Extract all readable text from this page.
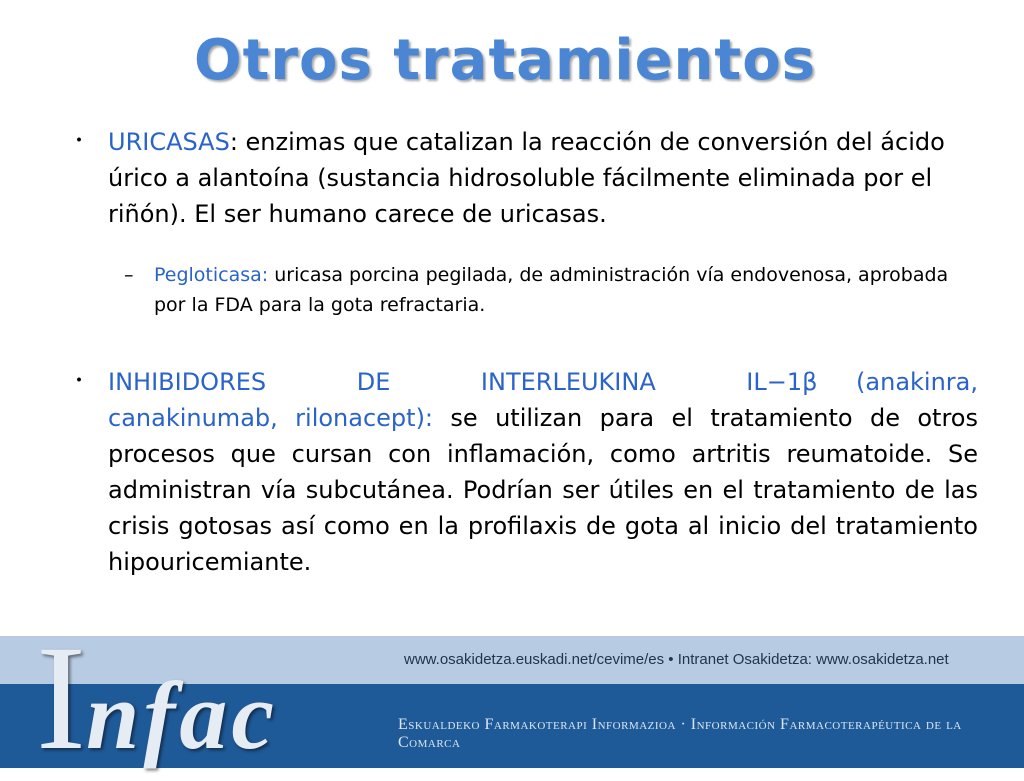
Otros tratamientos
・ URICASAS: enzimas que catalizan la reacción de conversión del ácido úrico a alantoína (sustancia hidrosoluble fácilmente eliminada por el riñón). El ser humano carece de uricasas.
– Pegloticasa: uricasa porcina pegilada, de administración vía endovenosa, aprobada por la FDA para la gota refractaria.
・ INHIBIDORES DE INTERLEUKINA IL−1β (anakinra, canakinumab, rilonacept): se utilizan para el tratamiento de otros procesos que cursan con inflamación, como artritis reumatoide. Se administran vía subcutánea. Podrían ser útiles en el tratamiento de las crisis gotosas así como en la profilaxis de gota al inicio del tratamiento hipouricemiante.
Infac
www.osakidetza.euskadi.net/cevime/es • Intranet Osakidetza: www.osakidetza.net
Eskualdeko Farmakoterapi Informazioa · Información Farmacoterapéutica de la Comarca
